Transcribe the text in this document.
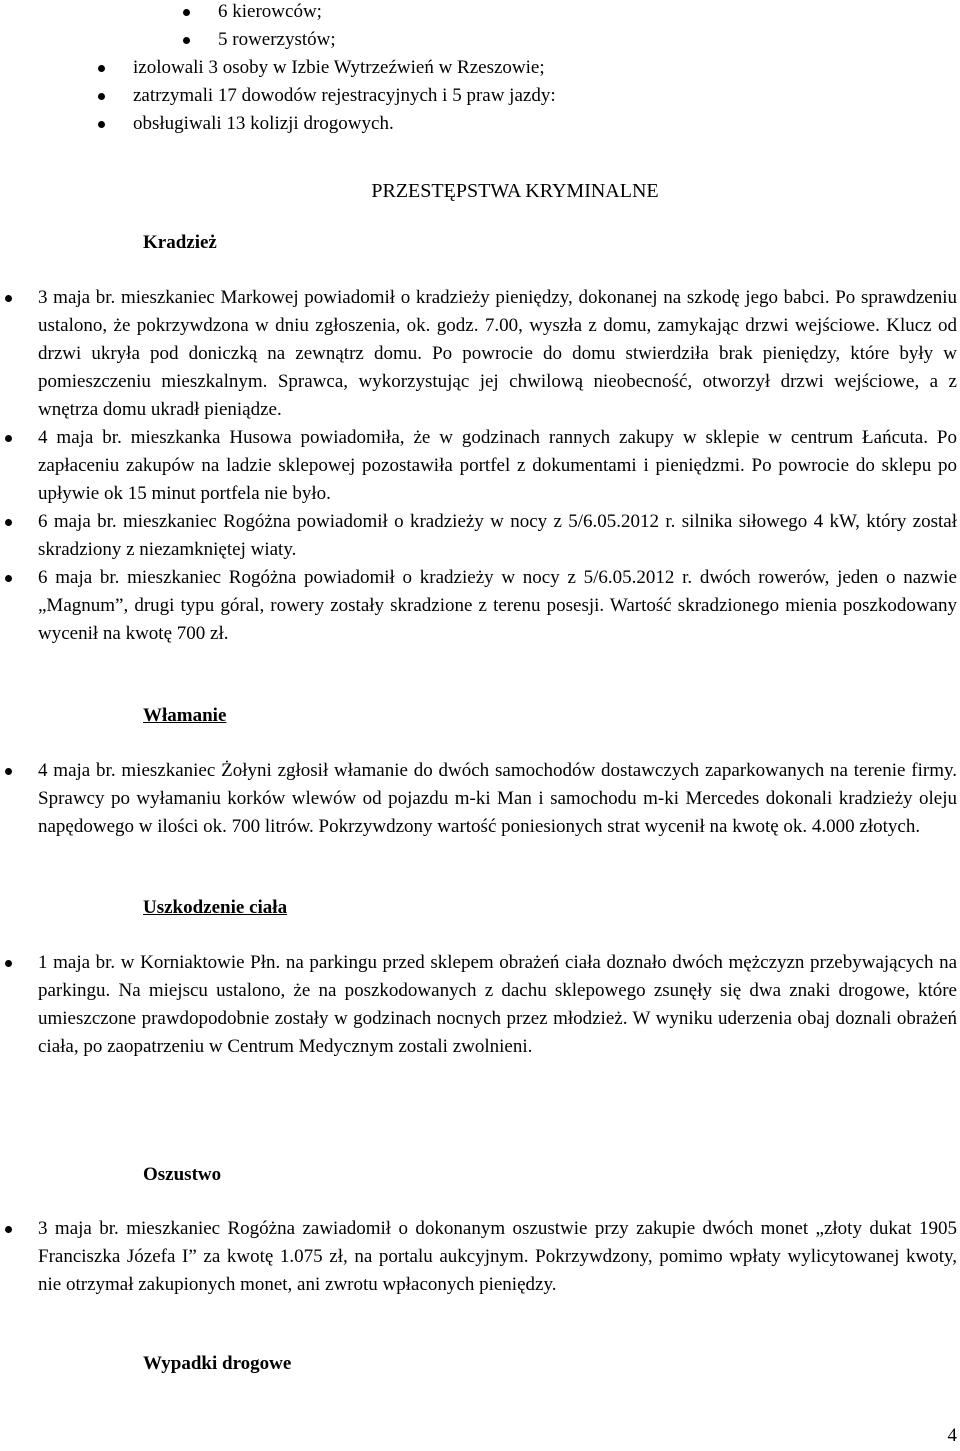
6 kierowców;
5 rowerzystów;
izolowali 3 osoby w Izbie Wytrzeźwień w Rzeszowie;
zatrzymali 17 dowodów rejestracyjnych i 5 praw jazdy:
obsługiwali 13 kolizji drogowych.
PRZESTĘPSTWA KRYMINALNE
Kradzież
3 maja br. mieszkaniec Markowej powiadomił o kradzieży pieniędzy, dokonanej na szkodę jego babci. Po sprawdzeniu ustalono, że pokrzywdzona w dniu zgłoszenia, ok. godz. 7.00, wyszła z domu, zamykając drzwi wejściowe. Klucz od drzwi ukryła pod doniczką na zewnątrz domu. Po powrocie do domu stwierdziła brak pieniędzy, które były w pomieszczeniu mieszkalnym. Sprawca, wykorzystując jej chwilową nieobecność, otworzył drzwi wejściowe, a z wnętrza domu ukradł pieniądze.
4 maja br. mieszkanka Husowa powiadomiła, że w godzinach rannych zakupy w sklepie w centrum Łańcuta. Po zapłaceniu zakupów na ladzie sklepowej pozostawiła portfel z dokumentami i pieniędzmi. Po powrocie do sklepu po upływie ok 15 minut portfela nie było.
6 maja br. mieszkaniec Rogóżna powiadomił o kradzieży w nocy z 5/6.05.2012 r. silnika siłowego 4 kW, który został skradziony z niezamkniętej wiaty.
6 maja br. mieszkaniec Rogóżna powiadomił o kradzieży w nocy z 5/6.05.2012 r. dwóch rowerów, jeden o nazwie „Magnum”, drugi typu góral, rowery zostały skradzione z terenu posesji. Wartość skradzionego mienia poszkodowany wycenił na kwotę 700 zł.
Włamanie
4 maja br. mieszkaniec Żołyni zgłosił włamanie do dwóch samochodów dostawczych zaparkowanych na terenie firmy. Sprawcy po wyłamaniu korków wlewów od pojazdu m-ki Man i samochodu m-ki Mercedes dokonali kradzieży oleju napędowego w ilości ok. 700 litrów. Pokrzywdzony wartość poniesionych strat wycenił na kwotę ok. 4.000 złotych.
Uszkodzenie ciała
1 maja br. w Korniaktowie Płn. na parkingu przed sklepem obrażeń ciała doznało dwóch mężczyzn przebywających na parkingu. Na miejscu ustalono, że na poszkodowanych z dachu sklepowego zsunęły się dwa znaki drogowe, które umieszczone prawdopodobnie zostały w godzinach nocnych przez młodzież. W wyniku uderzenia obaj doznali obrażeń ciała, po zaopatrzeniu w Centrum Medycznym zostali zwolnieni.
Oszustwo
3 maja br. mieszkaniec Rogóżna zawiadomił o dokonanym oszustwie przy zakupie dwóch monet „złoty dukat 1905 Franciszka Józefa I” za kwotę 1.075 zł, na portalu aukcyjnym. Pokrzywdzony, pomimo wpłaty wylicytowanej kwoty, nie otrzymał zakupionych monet, ani zwrotu wpłaconych pieniędzy.
Wypadki drogowe
4
